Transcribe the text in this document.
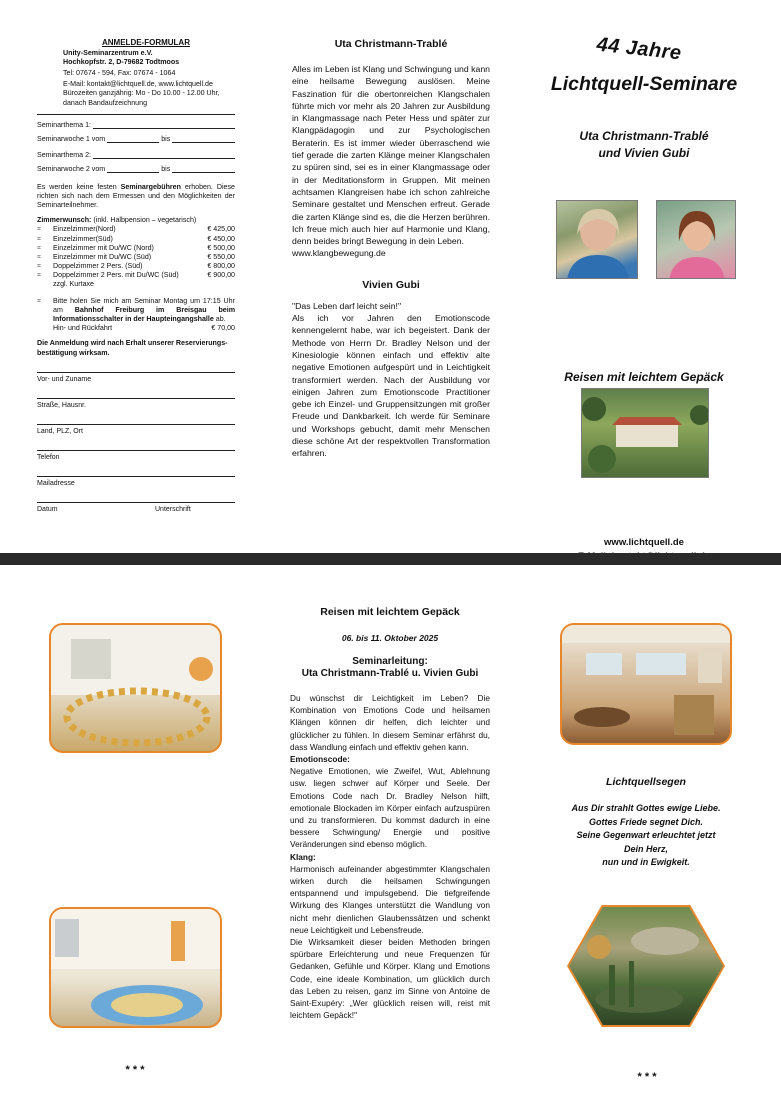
ANMELDE-FORMULAR
Unity-Seminarzentrum e.V.
Hochkopfstr. 2, D-79682 Todtmoos
Tel: 07674 - 594, Fax: 07674 - 1064
E-Mail: kontakt@lichtquell.de, www.lichtquell.de
Bürozeiten ganzjährig: Mo - Do 10.00 - 12.00 Uhr,
danach Bandaufzeichnung
Seminarthema 1:
Seminarwoche 1 vom	bis
Seminarthema 2:
Seminarwoche 2 vom	bis
Es werden keine festen Seminargebühren erhoben. Diese richten sich nach dem Ermessen und den Möglichkeiten der Seminarteilnehmer.
Zimmerwunsch: (inkl. Halbpension – vegetarisch)
⌗	Einzelzimmer(Nord)	€ 425,00
⌗	Einzelzimmer(Süd)	€ 450,00
⌗	Einzelzimmer mit Du/WC (Nord)	€ 500,00
⌗	Einzelzimmer mit Du/WC (Süd)	€ 550,00
⌗	Doppelzimmer 2 Pers. (Süd)	€ 800,00
⌗	Doppelzimmer 2 Pers. mit Du/WC (Süd)	€ 900,00
zzgl. Kurtaxe
⌗	Bitte holen Sie mich am Seminar Montag um 17:15 Uhr am Bahnhof Freiburg im Breisgau beim Informationsschalter in der Haupteingangshalle ab.
Hin- und Rückfahrt	€ 70,00
Die Anmeldung wird nach Erhalt unserer Reservierungs-bestätigung wirksam.
Vor- und Zuname
Straße, Hausnr.
Land, PLZ, Ort
Telefon
Mailadresse
Datum	Unterschrift
Uta Christmann-Trablé
Alles im Leben ist Klang und Schwingung und kann eine heilsame Bewegung auslösen. Meine Faszination für die obertonreichen Klangschalen führte mich vor mehr als 20 Jahren zur Ausbildung in Klangmassage nach Peter Hess und später zur Klangpädagogin und zur Psychologischen Beraterin. Es ist immer wieder überraschend wie tief gerade die zarten Klänge meiner Klangschalen zu spüren sind, sei es in einer Klangmassage oder in der Meditationsform in Gruppen. Mit meinen achtsamen Klangreisen habe ich schon zahlreiche Seminare gestaltet und Menschen erfreut. Gerade die zarten Klänge sind es, die die Herzen berühren. Ich freue mich auch hier auf Harmonie und Klang, denn beides bringt Bewegung in dein Leben.
www.klangbewegung.de
Vivien Gubi
"Das Leben darf leicht sein!"
Als ich vor Jahren den Emotionscode kennengelernt habe, war ich begeistert. Dank der Methode von Herrn Dr. Bradley Nelson und der Kinesiologie können einfach und effektiv alte negative Emotionen aufgespürt und in Leichtigkeit transformiert werden. Nach der Ausbildung vor einigen Jahren zum Emotionscode Practitioner gebe ich Einzel- und Gruppensitzungen mit großer Freude und Dankbarkeit. Ich werde für Seminare und Workshops gebucht, damit mehr Menschen diese schöne Art der respektvollen Transformation erfahren.
44 Jahre
Lichtquell-Seminare
Uta Christmann-Trablé
und Vivien Gubi
Reisen mit leichtem Gepäck
www.lichtquell.de
* * *
Reisen mit leichtem Gepäck
06. bis 11. Oktober 2025
Seminarleitung:
Uta Christmann-Trablé u. Vivien Gubi
Du wünschst dir Leichtigkeit im Leben? Die Kombination von Emotions Code und heilsamen Klängen können dir helfen, dich leichter und glücklicher zu fühlen. In diesem Seminar erfährst du, dass Wandlung einfach und effektiv gehen kann.
Emotionscode:
Negative Emotionen, wie Zweifel, Wut, Ablehnung usw. liegen schwer auf Körper und Seele. Der Emotions Code nach Dr. Bradley Nelson hilft, emotionale Blockaden im Körper einfach aufzuspüren und zu transformieren. Du kommst dadurch in eine bessere Schwingung/ Energie und positive Veränderungen sind ebenso möglich.
Klang:
Harmonisch aufeinander abgestimmter Klangschalen wirken durch die heilsamen Schwingungen entspannend und impulsgebend. Die tiefgreifende Wirkung des Klanges unterstützt die Wandlung von nicht mehr dienlichen Glaubenssätzen und schenkt neue Leichtigkeit und Lebensfreude.
Die Wirksamkeit dieser beiden Methoden bringen spürbare Erleichterung und neue Frequenzen für Gedanken, Gefühle und Körper. Klang und Emotions Code, eine ideale Kombination, um glücklich durch das Leben zu reisen, ganz im Sinne von Antoine de Saint-Exupéry: „Wer glücklich reisen will, reist mit leichtem Gepäck!"
Lichtquellsegen
Aus Dir strahlt Gottes ewige Liebe.
Gottes Friede segnet Dich.
Seine Gegenwart erleuchtet jetzt
Dein Herz,
nun und in Ewigkeit.
* * *
